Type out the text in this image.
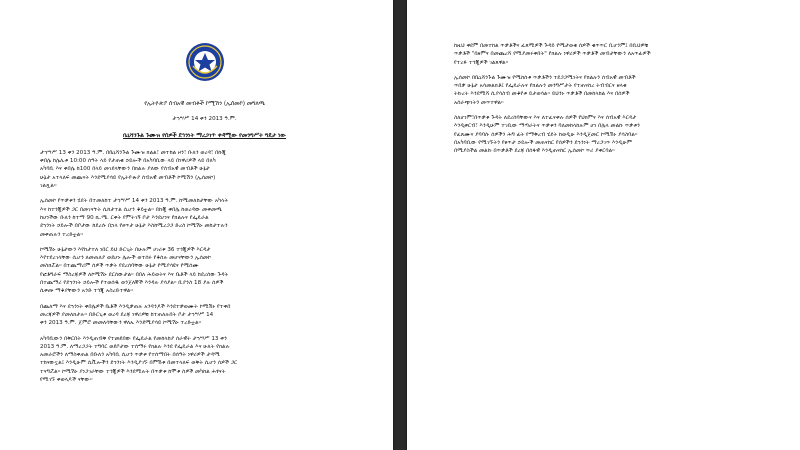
የኢትዮጵያ ሰብአዊ መብቶች ኮሚሽን (ኢሰመኮ) መግለጫ
ታኅሣሥ 14 ቀን 2013 ዓ.ም.
ቤኒሻንጉል ጉሙዝ የሰዎች ደኅንነት ማረጋገጥ ቀዳሚው የመንግሥት ግዴታ ነው
ታኅሣሥ 13 ቀን 2013 ዓ.ም. በቤኒሻንጉል ጉሙዝ ክልል፣ መተከል ዞን፣ ቡለን ወረዳ፣ በኩጂ
ቀበሌ ከሌሊቱ 10:00 ሰዓት ላይ የታጠቁ ኃይሎች በአካባቢው ላይ በነዋሪዎች ላይ በለካ
አካባቢ እና ቀበሌ ከ100 በላይ መገደላቸውን በክልሉ ያለው የሰብአዊ መብቶች ሁኔታ
ሁኔታ አተላለፍ መጨናት እንደሚያሳይ የኢትዮጵያ ሰብአዊ መብቶች ኮሚሽን (ኢሰመኮ)
ገልጿል።
ኢሰመኮ የጥቃቱን ሂደት በተመለከተ ታኅሣሥ 14 ቀን 2013 ዓ.ም. ከሚመለከታቸው አካላት
እና ከተጎጂዎች ጋር በመገናኘት ሲከታተል ሲሆን ቆይቷል። በኩጂ ቀበሌ ከወረዳው መቀመጫ
ከሆነችው ቡለን ከተማ 90 ኪ.ሜ. ርቀት የምትገኝ ቦታ እንደሆነና የክልሉና የፌዴራል
ደኅንነት ኃይሎች በቦታው ከደረሱ በኋላ የፀጥታ ሁኔታ እስከሚረጋጋ ድረስ ኮሚሽኑ መከታተሉን
መቀጠሉን ተረድቷል።
ኮሚሽኑ ሁኔታውን እየከታተለ ነበር ይህ ድርጊት በሁሉም ሀገሪቱ 36 ተጎጂዎች እርዳታ
እየተደረገላቸው ሲሆን ለመጠለያ ወደሆኑ ሌሎች ወተሰሩ የቆሰሉ መሆናቸውን ኢሰመኮ
መስክሯል። በተጨማሪም ሰዎች ጥቃት የደረሰባቸው ሁኔታ የሚያሳዩና የሚሰሙ
የፎቶግራፍ ማስረጃዎች ለኮሚሽኑ ደርሰውታል። በበለ ሕይወትና እና ቤቶች ላይ ከደረሰው ጉዳት
በተጨማሪ የደኅንነት ኃይሎች የተወሰዱ ወንጀለኞች እንዳሉ ያሳያል። ቢያንስ 18 ያሉ ሰዎች
ሲቀጡ ማቆያቸውን አንድ ተጎጂ አስረድተዋል።
በጨለማ እና ደኅንነት ቀበሌዎች ቤቶች እንዲቃጠሉ አንዳንዶች እንደተቃወሙት ኮሚሽኑ የተቀበ
መረጃዎች ያመለክታሉ። በድርጊቱ ወረዳ ደረጃ ነዋሪዎቹ ከተጠለሉበት ቦታ ታኅሣሥ 14
ቀን 2013 ዓ.ም. ጀምሮ መመለሳቸውን ዋለኡ እንደሚያሳይ ኮሚሽኑ ተረድቷል።
አካባቢውን በቅርበት እንዲጠብቅ የተመደበው የፌዴራል የመከላከያ ሰራዊት ታኅሣሥ 13 ቀን
2013 ዓ.ም. ለማረጋጋት ተግባር ወደቦታው ተሰማሩ የክልሉ እንደ የፌዴራል እና ሁለት የክልሉ
አመራሮችን ለማስቀጠል በቡለን አካባቢ ሲሆን ጥቃቱ የተሰማበት በሰዓት ነዋሪዎች ታዳሚ
ተከናውኗል፤ እንዲሁም ሲቪሎችን ደኅንነት እንዲያገኙ በምሽቱ በመተላለፍ ወቅት ሲሆን ሰዎች ጋር
ተናግሯል። ኮሚሽኑ ያነጋገራቸው ተጎጂዎች እንደሚሉት በጥቃቱ ከሞቱ ሰዎች መካከል ሕፃናት
የሚገኙ ቀወላዶች ናቸው።
ከዚህ ቀደም በመተከል ጥቃቶችና ፈጸሚዎች ጉዳይ የሚታወቁ ሰዎች ቁጥጥር ቢሆንም፤ በቢህዎቹ
ጥቃቶች "በዘምና በመጨረሻ የሚያመሩቀበት" የክልሉ ነዋሪዎች ጥቃቶች መብታቸውን ለአጥፊዎች
የተረፉ ተጎጂዎች ገልጸዋል።
ኢሰመኮ በቤኒሻንጉል ጉሙዝ የሚከሰቱ ጥቃቶችን ተደጋጋሚነትና የክልሉን ሰብአዊ መብቶች
ጥበቃ ሁኔታ አሳመልክቶ፤ የፌዴራሉና የክልሉን መንግሥታት የተጠናከረ ትብብርና ዘላቂ
ትኩረት እንደሚሻ ሲያሳስብ መቆየቱ ይታወሳል። ይህንኑ ጥቃቶች በመከላከል እና በሰዎች
አሰራጭነትን መጥተዋል።
ስለሆነም፣በጥቃቱ ጉዳት ለደረሰባቸውና እና ለተፈናቀሉ ሰዎች የህክምና እና ሰብአዊ እርዳታ
እንዲቀርብ፣ እንዲሁም ተገቢው ማጣራትና ጥቃቱን ባለመከላከሉም ሆነ በሌላ መልኩ ጥቃቱን
የፈጸሙና ያባባሱ ሰዎችን ሕግ ፊት የማቅረብ ሂደት ከወዲሁ እንዲጀመር ኮሚሽኑ ያሳስባል።
በአካባቢው የሚገኙትን የፀጥታ ኃይሎች መጠናከር የሰዎችን ደኅንነት ማረጋገጥ እንዲሁም
በሚያስችል መልኩ በጥቃቶች ደረጃ በሰፋዊ እንዲጠናከር ኢሰመኮ ጥሪ ያቀርባል።
